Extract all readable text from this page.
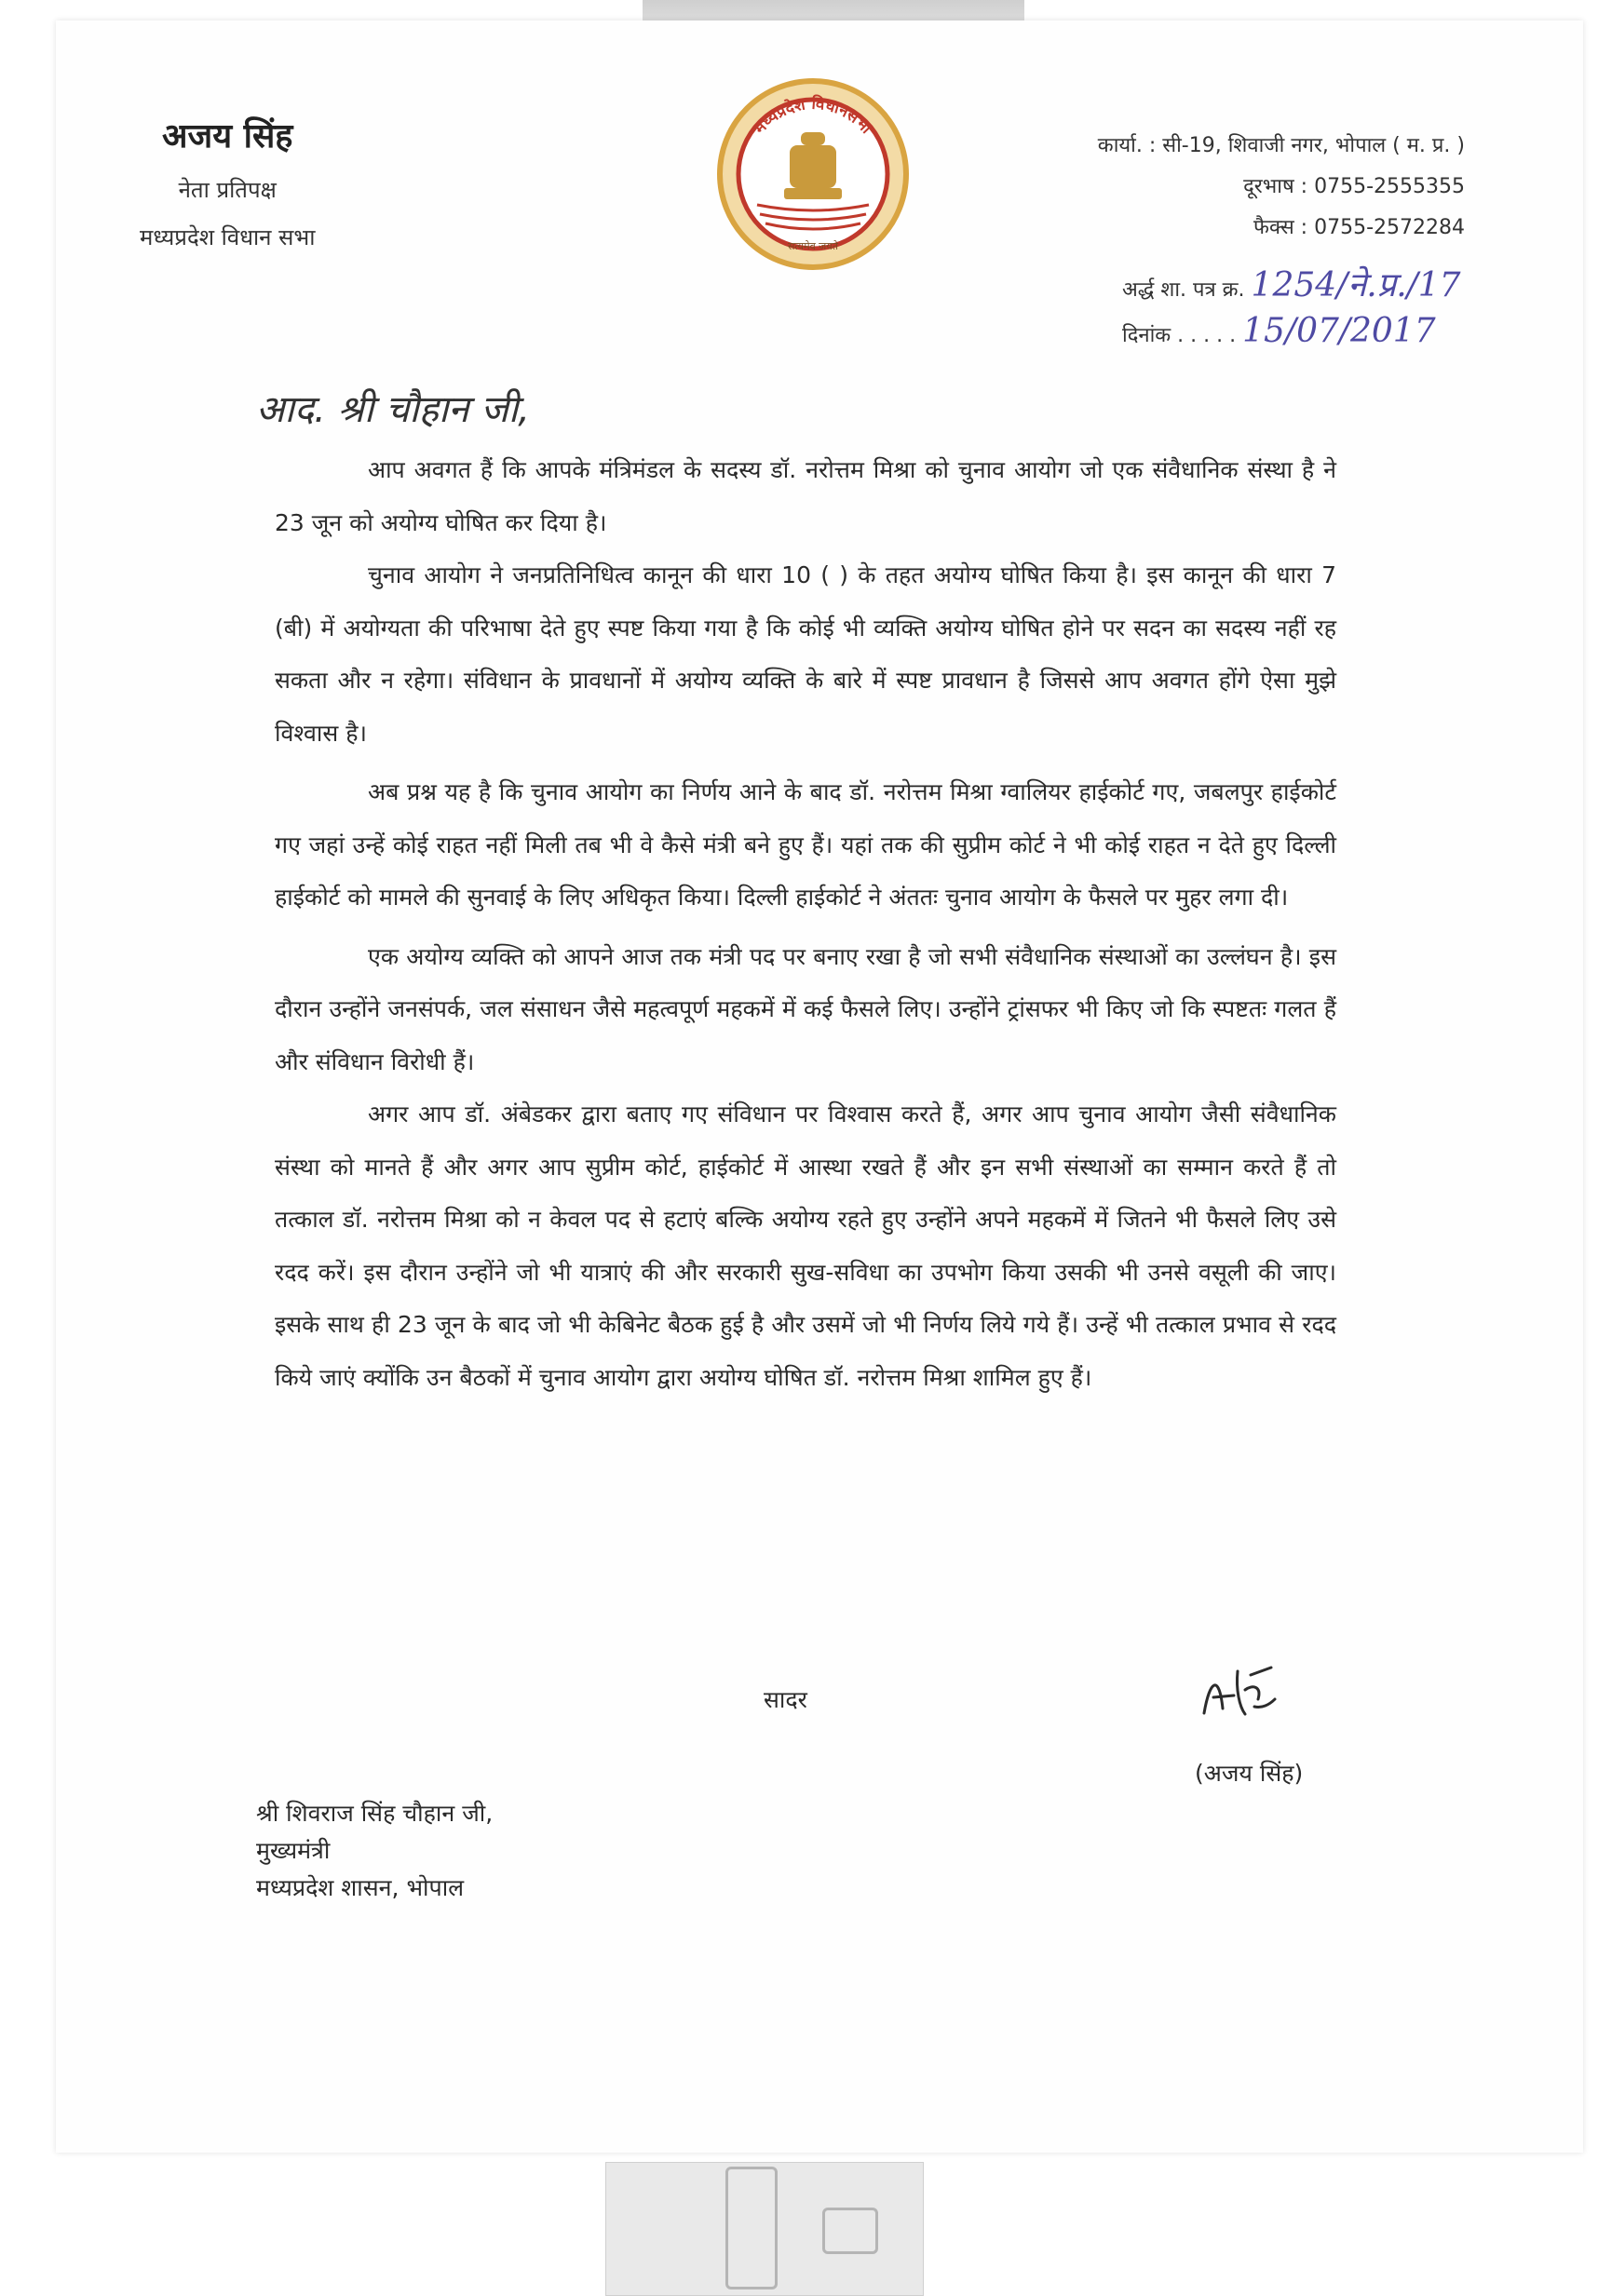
अजय सिंह
नेता प्रतिपक्ष
मध्यप्रदेश विधान सभा
मध्यप्रदेश विधानसभा
सत्यमेव जयते
कार्या. : सी-19, शिवाजी नगर, भोपाल ( म. प्र. )
दूरभाष : 0755-2555355
फैक्स : 0755-2572284
अर्द्ध शा. पत्र क्र. 1254/ने.प्र./17
दिनांक . . . . . 15/07/2017
आद. श्री चौहान जी,

आप अवगत हैं कि आपके मंत्रिमंडल के सदस्य डॉ. नरोत्तम मिश्रा को चुनाव आयोग जो एक संवैधानिक संस्था है ने 23 जून को अयोग्य घोषित कर दिया है।

चुनाव आयोग ने जनप्रतिनिधित्व कानून की धारा 10 ( ) के तहत अयोग्य घोषित किया है। इस कानून की धारा 7 (बी) में अयोग्यता की परिभाषा देते हुए स्पष्ट किया गया है कि कोई भी व्यक्ति अयोग्य घोषित होने पर सदन का सदस्य नहीं रह सकता और न रहेगा। संविधान के प्रावधानों में अयोग्य व्यक्ति के बारे में स्पष्ट प्रावधान है जिससे आप अवगत होंगे ऐसा मुझे विश्वास है।

अब प्रश्न यह है कि चुनाव आयोग का निर्णय आने के बाद डॉ. नरोत्तम मिश्रा ग्वालियर हाईकोर्ट गए, जबलपुर हाईकोर्ट गए जहां उन्हें कोई राहत नहीं मिली तब भी वे कैसे मंत्री बने हुए हैं। यहां तक की सुप्रीम कोर्ट ने भी कोई राहत न देते हुए दिल्ली हाईकोर्ट को मामले की सुनवाई के लिए अधिकृत किया। दिल्ली हाईकोर्ट ने अंततः चुनाव आयोग के फैसले पर मुहर लगा दी।

एक अयोग्य व्यक्ति को आपने आज तक मंत्री पद पर बनाए रखा है जो सभी संवैधानिक संस्थाओं का उल्लंघन है। इस दौरान उन्होंने जनसंपर्क, जल संसाधन जैसे महत्वपूर्ण महकमें में कई फैसले लिए। उन्होंने ट्रांसफर भी किए जो कि स्पष्टतः गलत हैं और संविधान विरोधी हैं।

अगर आप डॉ. अंबेडकर द्वारा बताए गए संविधान पर विश्वास करते हैं, अगर आप चुनाव आयोग जैसी संवैधानिक संस्था को मानते हैं और अगर आप सुप्रीम कोर्ट, हाईकोर्ट में आस्था रखते हैं और इन सभी संस्थाओं का सम्मान करते हैं तो तत्काल डॉ. नरोत्तम मिश्रा को न केवल पद से हटाएं बल्कि अयोग्य रहते हुए उन्होंने अपने महकमें में जितने भी फैसले लिए उसे रदद करें। इस दौरान उन्होंने जो भी यात्राएं की और सरकारी सुख-सविधा का उपभोग किया उसकी भी उनसे वसूली की जाए। इसके साथ ही 23 जून के बाद जो भी केबिनेट बैठक हुई है और उसमें जो भी निर्णय लिये गये हैं। उन्हें भी तत्काल प्रभाव से रदद किये जाएं क्योंकि उन बैठकों में चुनाव आयोग द्वारा अयोग्य घोषित डॉ. नरोत्तम मिश्रा शामिल हुए हैं।

सादर
(अजय सिंह)
श्री शिवराज सिंह चौहान जी,
मुख्यमंत्री
मध्यप्रदेश शासन, भोपाल
